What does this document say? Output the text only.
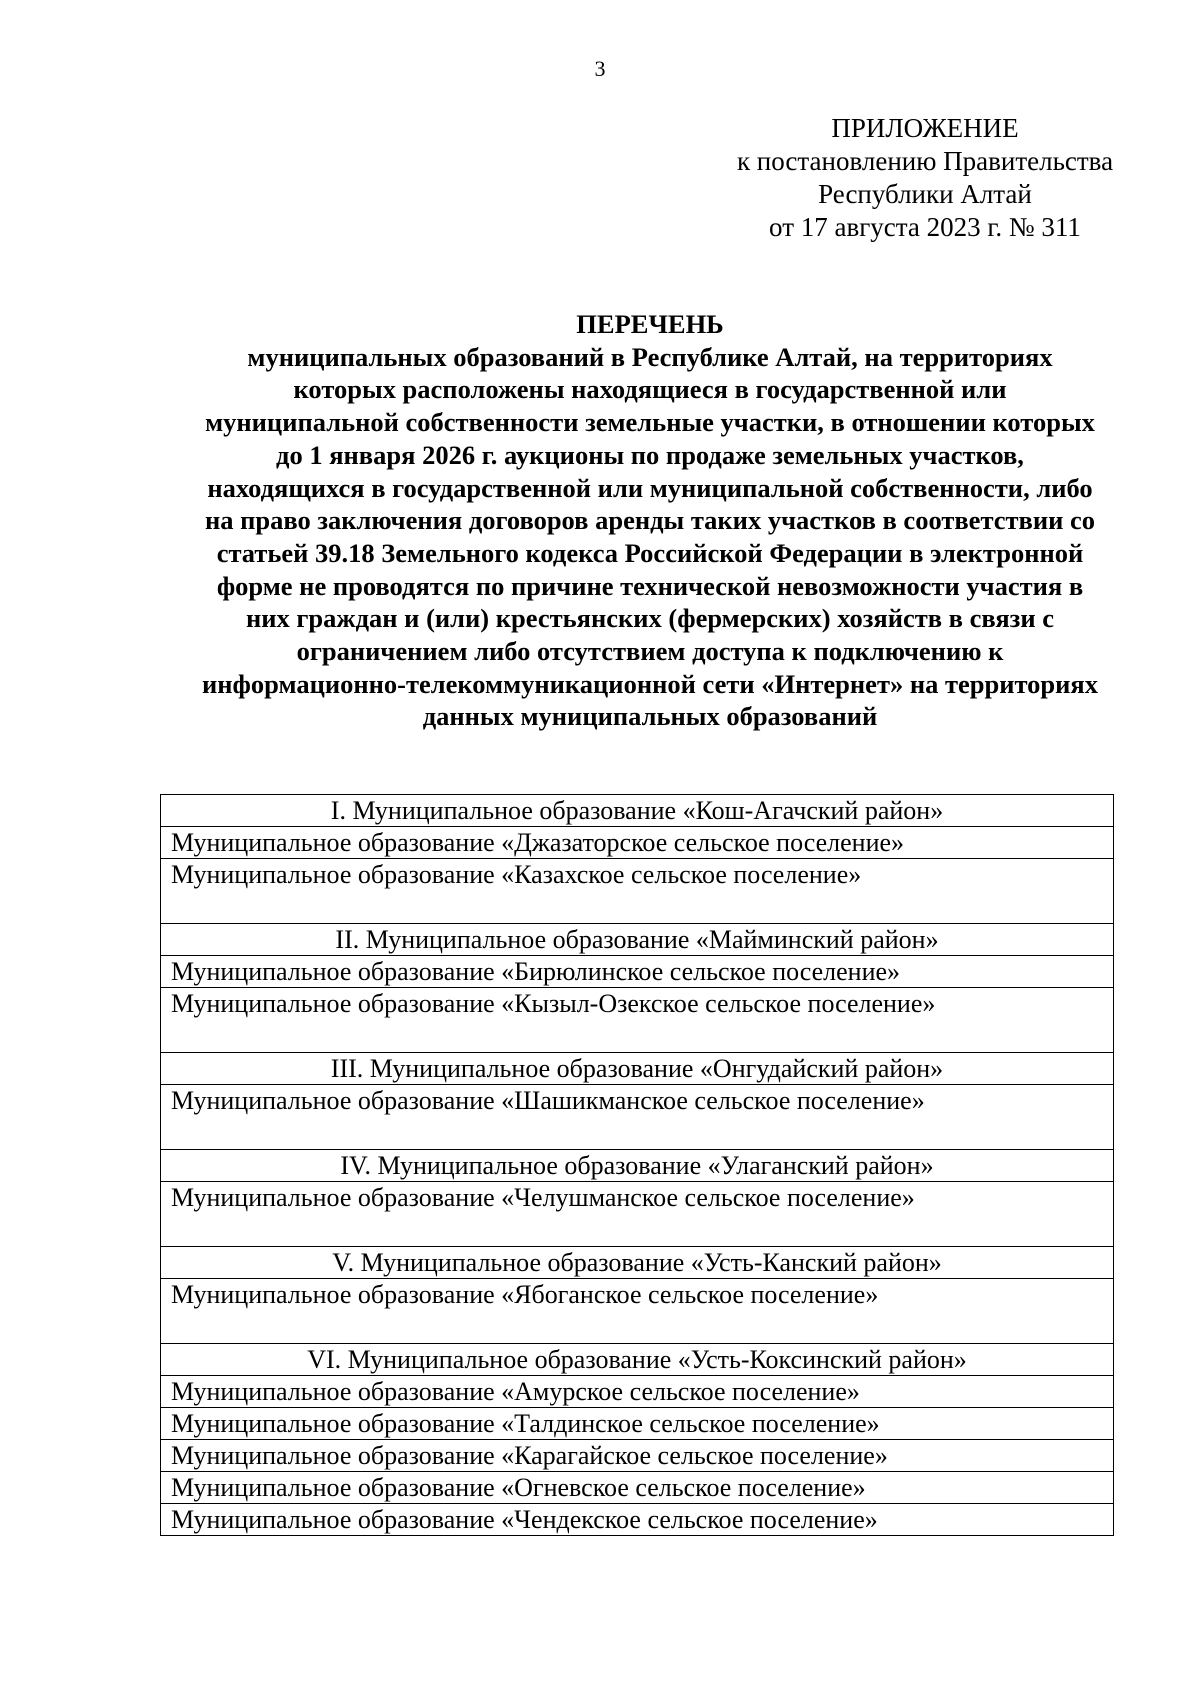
3
ПРИЛОЖЕНИЕ
к постановлению Правительства
Республики Алтай
от 17 августа 2023 г. № 311
ПЕРЕЧЕНЬ
муниципальных образований в Республике Алтай, на территориях
которых расположены находящиеся в государственной или
муниципальной собственности земельные участки, в отношении которых
до 1 января 2026 г. аукционы по продаже земельных участков,
находящихся в государственной или муниципальной собственности, либо
на право заключения договоров аренды таких участков в соответствии со
статьей 39.18 Земельного кодекса Российской Федерации в электронной
форме не проводятся по причине технической невозможности участия в
них граждан и (или) крестьянских (фермерских) хозяйств в связи с
ограничением либо отсутствием доступа к подключению к
информационно-телекоммуникационной сети «Интернет» на территориях
данных муниципальных образований
I. Муниципальное образование «Кош-Агачский район»
Муниципальное образование «Джазаторское сельское поселение»
Муниципальное образование «Казахское сельское поселение»
II. Муниципальное образование «Майминский район»
Муниципальное образование «Бирюлинское сельское поселение»
Муниципальное образование «Кызыл-Озекское сельское поселение»
III. Муниципальное образование «Онгудайский район»
Муниципальное образование «Шашикманское сельское поселение»
IV. Муниципальное образование «Улаганский район»
Муниципальное образование «Челушманское сельское поселение»
V. Муниципальное образование «Усть-Канский район»
Муниципальное образование «Ябоганское сельское поселение»
VI. Муниципальное образование «Усть-Коксинский район»
Муниципальное образование «Амурское сельское поселение»
Муниципальное образование «Талдинское сельское поселение»
Муниципальное образование «Карагайское сельское поселение»
Муниципальное образование «Огневское сельское поселение»
Муниципальное образование «Чендекское сельское поселение»
